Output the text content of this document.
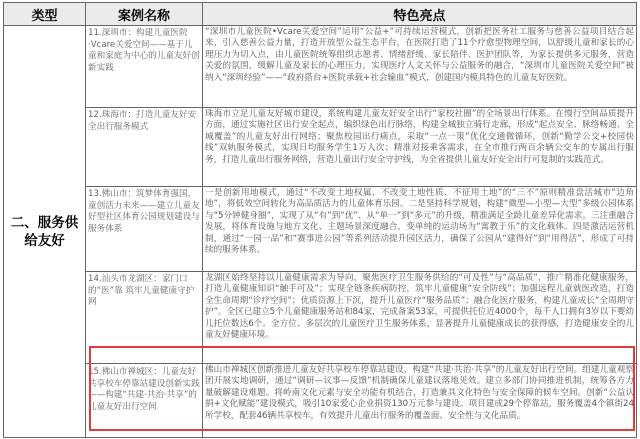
类型	案例名称	特色亮点
二、服务供给友好	11.深圳市：构建儿童医院·Vcare关爱空间——基于儿童和家庭为中心的儿童友好创新实践	“深圳市儿童医院•Vcare关爱空间”运用“公益+”可持续运营模式，创新把医务社工服务与慈善公益项目结合起来，引入慈善公益力量，打造开放型公益生态平台，在医院打造了11个疗愈型物理空间，以舒缓儿童和家长的心理压力为切入点，由儿童医院统筹组织志愿者、情绪舒缓、家长陪伴、医护团队等，为家长提供多元服务，营造关爱的氛围，缓解儿童及家长的心理压力，实现医疗人文关怀与公益服务的融合，“深圳市儿童医院关爱空间”被纳入“深圳经验”——“政府搭台+医院承载+社会输血”模式，创建国内模具特色的儿童友好医院。
	12.珠海市：打造儿童友好安全出行服务模式	珠海市立足儿童友好城市建设，系统构建儿童友好安全出行“家校社圈”的全场景出行体系。在慢行空间品质提升方面，通过实施社区出行安全起点，编织绿色出行脉络，构建全城独立骑行走廊，形成“起点安全、脉络畅通、全城覆盖”的儿童友好出行网络；聚焦校园出行痛点，采取“一点一策”优化交通微循环，创新“勤学公交+校园快线”双轨服务模式，实现日均服务学生1万人次；精准对接乘客需求，在全市推行两百余辆公交车的专属出行服务，打造儿童出行服务网络，营造儿童出行安全守护线，为全省提供儿童友好安全出行可复制的实践范式。
	13.佛山市：筑梦体育强国，童创活力未来——建立儿童友好型社区体育公园规划建设与服务体系	一是创新用地模式，通过“不改变土地权属、不改变土地性质、不征用土地”的“三不”原则精准盘活城市“边角地”，将低效空间转化为高品质活力的儿童体育乐园。二是坚持科学规划，构建“微型—小型—大型”多级公园体系与“5分钟健身圈”，实现了从“有”到“优”、从“单一”到“多元”的升级，精准满足全龄儿童差异化需求。三注重融合发展，将体育设施与地方文化、主题场景深度融合，变单纯的运动场为“寓教于乐”的文化载体。四是激活运营机制，通过“一园一品”和“赛事进公园”等系列活动提升园区活力，确保了公园从“建得好”到“用得活”，形成了可持续的服务体系。
	14.汕头市龙湖区：家门口的“医”靠 筑牢儿童健康守护网	龙湖区始终坚持以儿童健康需求为导向，聚焦医疗卫生服务供给的“可及性”与“高品质”，推广精准化健康服务，打造儿童健康知识“触手可及”；实现全链条疾病防控，筑牢儿童健康“安全防线”；加强远程儿童就医改造，打造全生命周期“诊疗空间”；优质资源上下沉，提升儿童医疗“服务品质”；融合化医疗服务，构建儿童成长“全周期守护”。全区已建立5个儿童健康服务站和84家，完成备案53家，可提供托位近4000个，每千人口拥有3岁以下婴幼儿托位数达6个。全方位、多层次的儿童医疗卫生服务体系，显著提升儿童健康成长的获得感，打造健康安全的儿童友好健康环境。
	15.佛山市禅城区：儿童友好共享校车停靠站建设创新实践——构建“共建·共治·共享”的儿童友好出行空间	佛山市禅城区创新推进儿童友好共享校车停靠站建设，构建“共建·共治·共享”的儿童友好出行空间。组建儿童观察团开展实地调研，通过“调研—议事—反馈”机制确保儿童建议落地见效。建立多部门协同推进机制，统筹各方力量破解建设难题。将岭南文化元素与安全功能有机结合，打造兼具文化特色与安全保障的候车空间。创新“公益认捐+文化赋能”建设模式，吸引10家爱心企业捐资130万元参与建设。项目建成29个停靠站，服务覆盖4个镇街24所学校，配套46辆共享校车，有效提升儿童出行服务的覆盖面、安全性与文化品质。
